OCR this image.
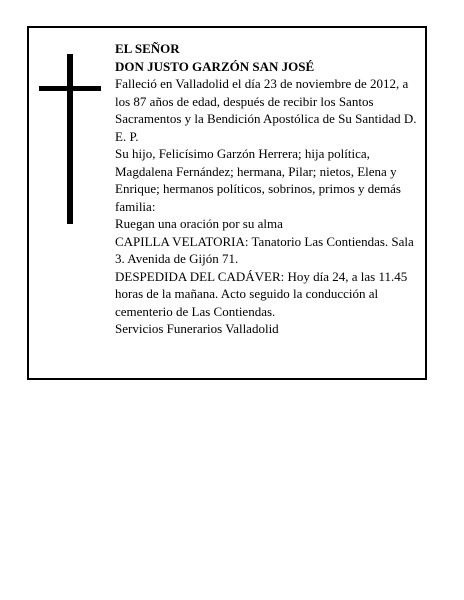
EL SEÑOR
DON JUSTO GARZÓN SAN JOSÉ
Falleció en Valladolid el día 23 de noviembre de 2012, a los 87 años de edad, después de recibir los Santos Sacramentos y la Bendición Apostólica de Su Santidad D. E. P.
Su hijo, Felicísimo Garzón Herrera; hija política, Magdalena Fernández; hermana, Pilar; nietos, Elena y Enrique; hermanos políticos, sobrinos, primos y demás familia:
Ruegan una oración por su alma
CAPILLA VELATORIA: Tanatorio Las Contiendas. Sala 3. Avenida de Gijón 71.
DESPEDIDA DEL CADÁVER: Hoy día 24, a las 11.45 horas de la mañana. Acto seguido la conducción al cementerio de Las Contiendas.
Servicios Funerarios Valladolid
